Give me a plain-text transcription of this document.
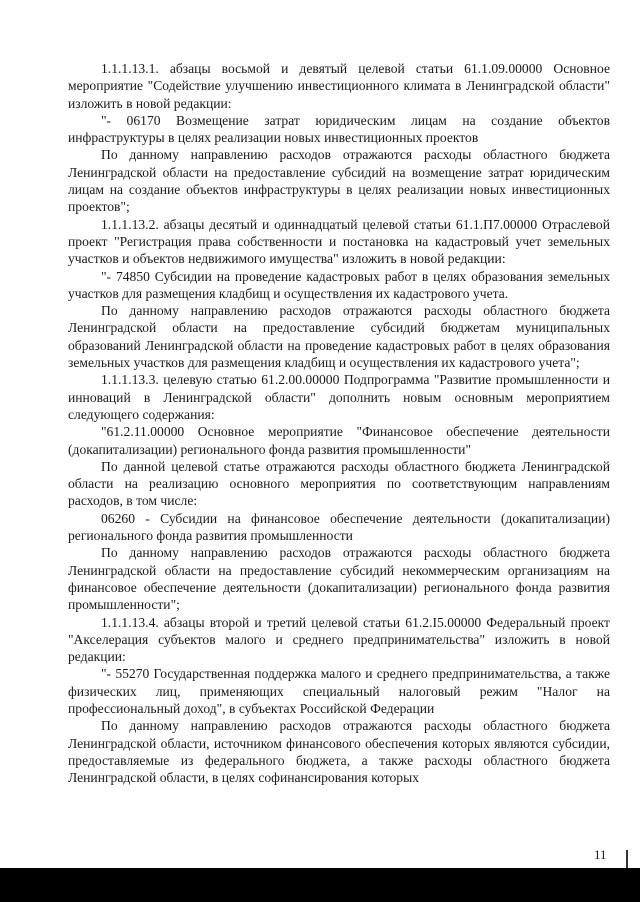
1.1.1.13.1. абзацы восьмой и девятый целевой статьи 61.1.09.00000 Основное мероприятие "Содействие улучшению инвестиционного климата в Ленинградской области" изложить в новой редакции:

"- 06170 Возмещение затрат юридическим лицам на создание объектов инфраструктуры в целях реализации новых инвестиционных проектов

По данному направлению расходов отражаются расходы областного бюджета Ленинградской области на предоставление субсидий на возмещение затрат юридическим лицам на создание объектов инфраструктуры в целях реализации новых инвестиционных проектов";

1.1.1.13.2. абзацы десятый и одиннадцатый целевой статьи 61.1.П7.00000 Отраслевой проект "Регистрация права собственности и постановка на кадастровый учет земельных участков и объектов недвижимого имущества" изложить в новой редакции:

"- 74850 Субсидии на проведение кадастровых работ в целях образования земельных участков для размещения кладбищ и осуществления их кадастрового учета.

По данному направлению расходов отражаются расходы областного бюджета Ленинградской области на предоставление субсидий бюджетам муниципальных образований Ленинградской области на проведение кадастровых работ в целях образования земельных участков для размещения кладбищ и осуществления их кадастрового учета";

1.1.1.13.3. целевую статью 61.2.00.00000 Подпрограмма "Развитие промышленности и инноваций в Ленинградской области" дополнить новым основным мероприятием следующего содержания:

"61.2.11.00000 Основное мероприятие "Финансовое обеспечение деятельности (докапитализации) регионального фонда развития промышленности"

По данной целевой статье отражаются расходы областного бюджета Ленинградской области на реализацию основного мероприятия по соответствующим направлениям расходов, в том числе:

06260 - Субсидии на финансовое обеспечение деятельности (докапитализации) регионального фонда развития промышленности

По данному направлению расходов отражаются расходы областного бюджета Ленинградской области на предоставление субсидий некоммерческим организациям на финансовое обеспечение деятельности (докапитализации) регионального фонда развития промышленности";

1.1.1.13.4. абзацы второй и третий целевой статьи 61.2.I5.00000 Федеральный проект "Акселерация субъектов малого и среднего предпринимательства" изложить в новой редакции:

"- 55270 Государственная поддержка малого и среднего предпринимательства, а также физических лиц, применяющих специальный налоговый режим "Налог на профессиональный доход", в субъектах Российской Федерации

По данному направлению расходов отражаются расходы областного бюджета Ленинградской области, источником финансового обеспечения которых являются субсидии, предоставляемые из федерального бюджета, а также расходы областного бюджета Ленинградской области, в целях софинансирования которых

11
